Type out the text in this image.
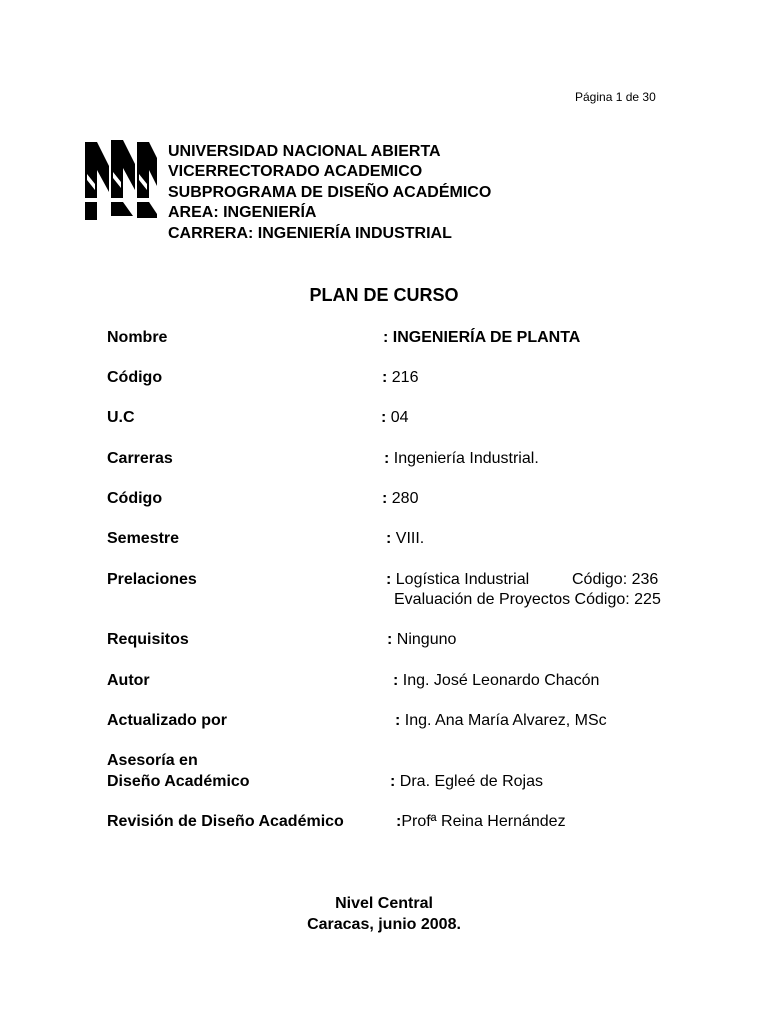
Página 1 de 30
UNIVERSIDAD NACIONAL ABIERTA
VICERRECTORADO ACADEMICO
SUBPROGRAMA DE DISEÑO ACADÉMICO
AREA: INGENIERÍA
CARRERA: INGENIERÍA INDUSTRIAL
PLAN DE CURSO
Nombre	: INGENIERÍA DE PLANTA
Código	: 216
U.C	: 04
Carreras	: Ingeniería Industrial.
Código	: 280
Semestre	: VIII.
Prelaciones	: Logística Industrial	Código: 236
Evaluación de Proyectos Código: 225
Requisitos	: Ninguno
Autor	: Ing. José Leonardo Chacón
Actualizado por	: Ing. Ana María Alvarez, MSc
Asesoría en
Diseño Académico	: Dra. Egleé de Rojas
Revisión de Diseño Académico	:Profª Reina Hernández
Nivel Central
Caracas, junio 2008.
